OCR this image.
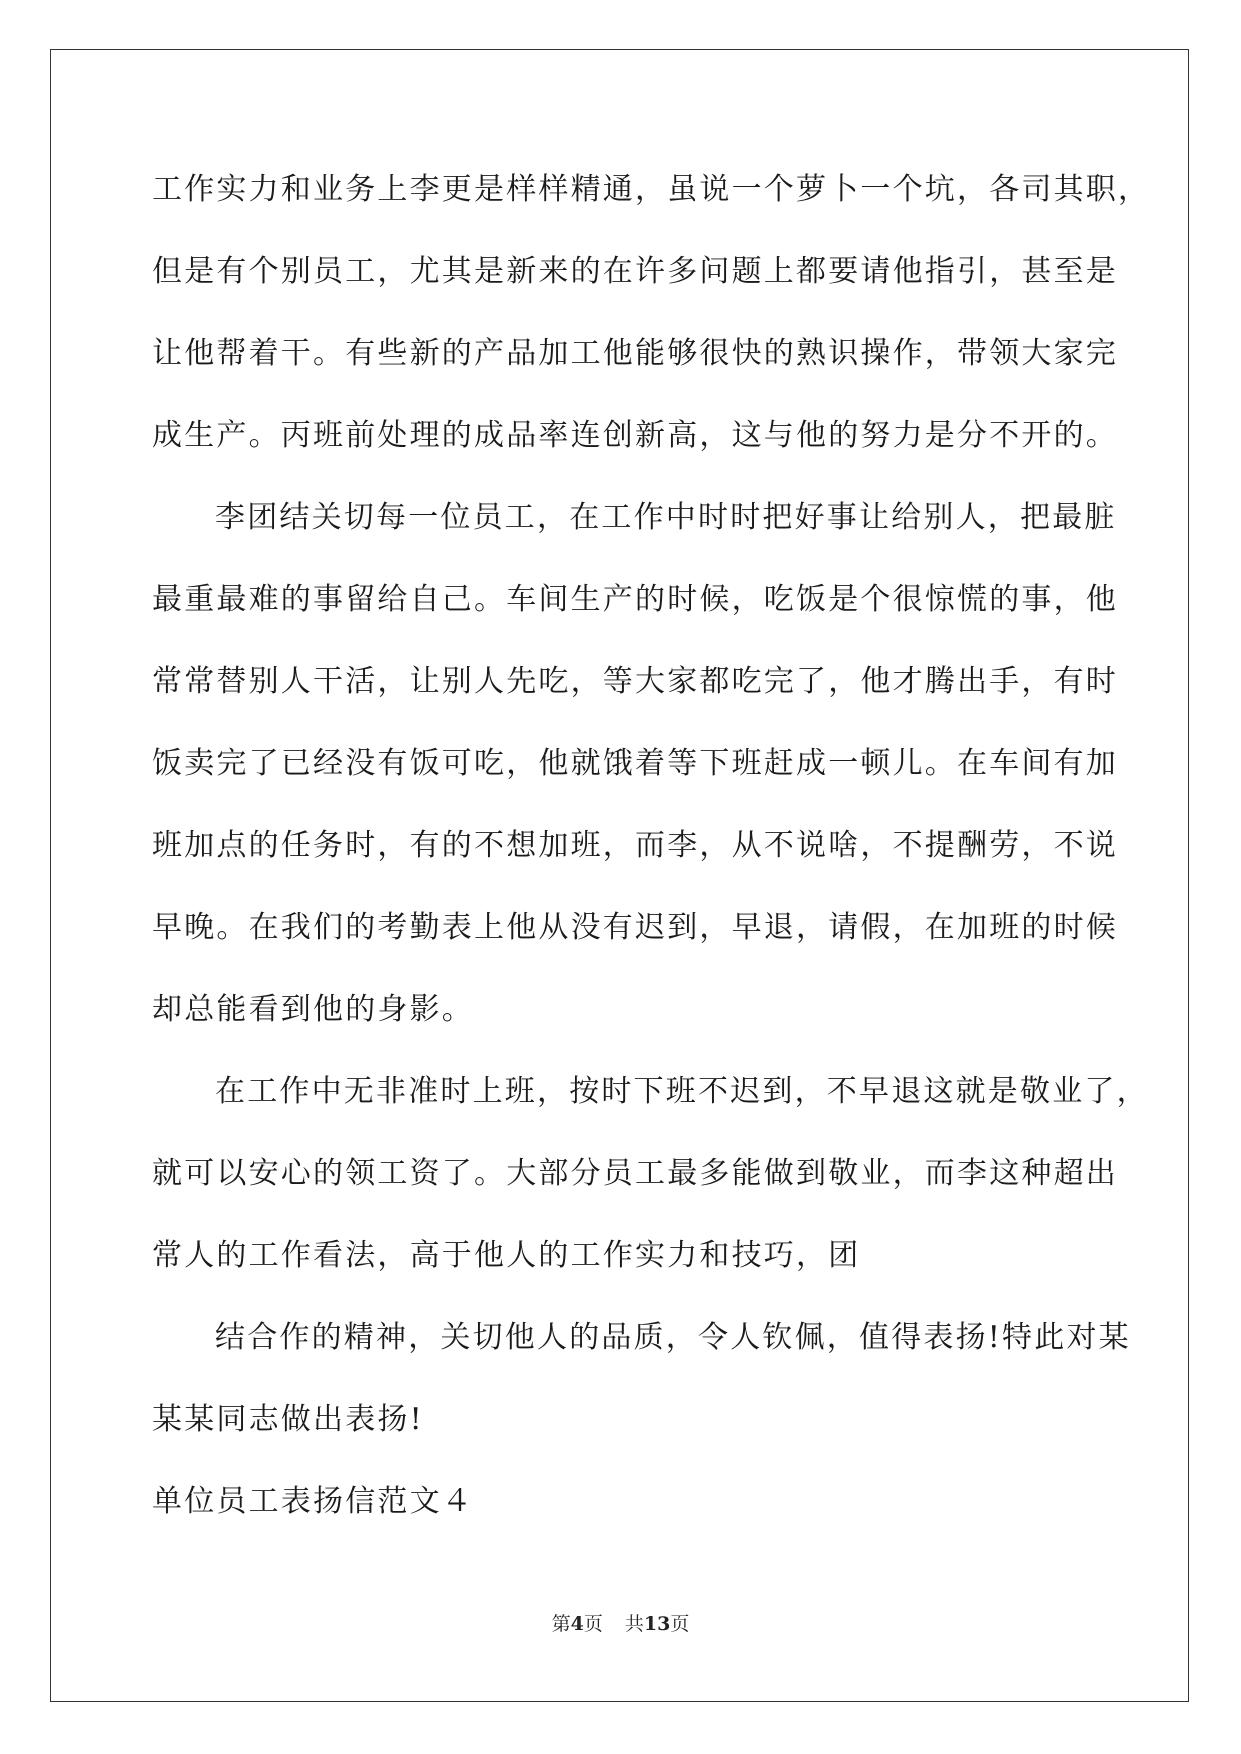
工作实力和业务上李更是样样精通，虽说一个萝卜一个坑，各司其职，
但是有个别员工，尤其是新来的在许多问题上都要请他指引，甚至是
让他帮着干。有些新的产品加工他能够很快的熟识操作，带领大家完
成生产。丙班前处理的成品率连创新高，这与他的努力是分不开的。
李团结关切每一位员工，在工作中时时把好事让给别人，把最脏
最重最难的事留给自己。车间生产的时候，吃饭是个很惊慌的事，他
常常替别人干活，让别人先吃，等大家都吃完了，他才腾出手，有时
饭卖完了已经没有饭可吃，他就饿着等下班赶成一顿儿。在车间有加
班加点的任务时，有的不想加班，而李，从不说啥，不提酬劳，不说
早晚。在我们的考勤表上他从没有迟到，早退，请假，在加班的时候
却总能看到他的身影。
在工作中无非准时上班，按时下班不迟到，不早退这就是敬业了，
就可以安心的领工资了。大部分员工最多能做到敬业，而李这种超出
常人的工作看法，高于他人的工作实力和技巧，团
结合作的精神，关切他人的品质，令人钦佩，值得表扬!特此对某
某某同志做出表扬!
单位员工表扬信范文４
第4页 共13页
